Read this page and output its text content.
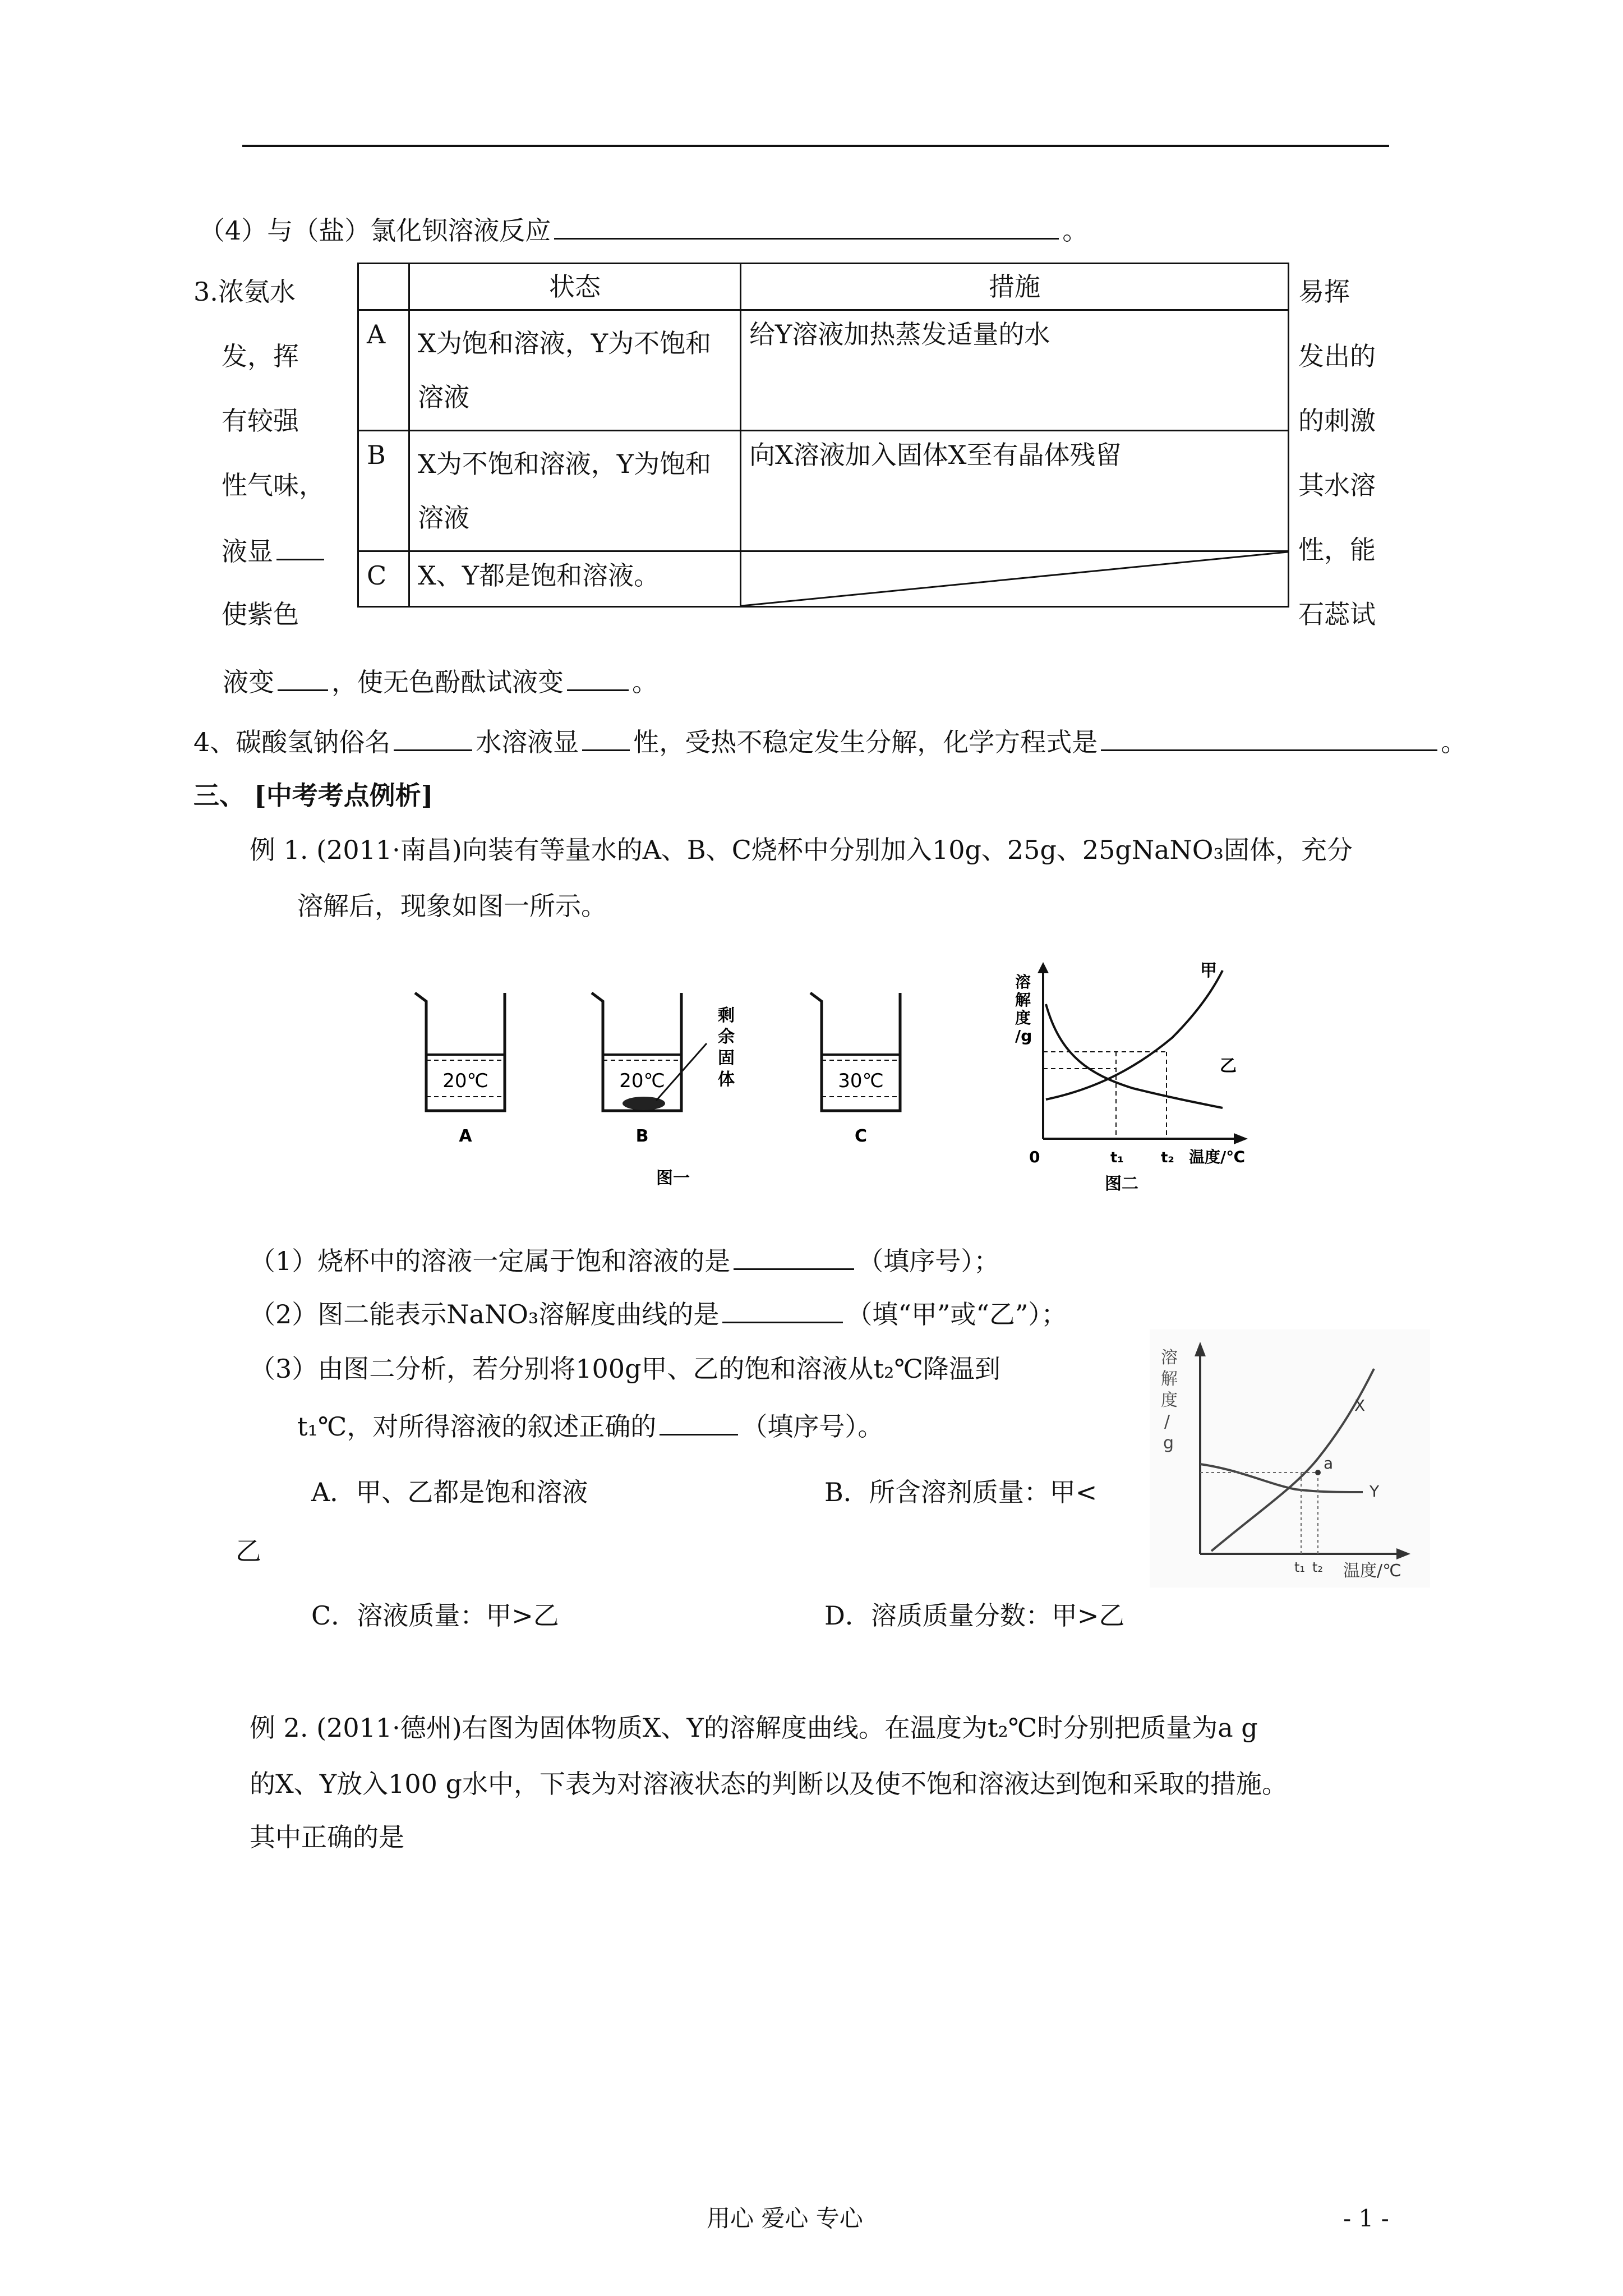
（4）与（盐）氯化钡溶液反应	。
3.浓氨水
发，挥
有较强
性气味，
液显
使紫色
易挥
发出的
的刺激
其水溶
性，能
石蕊试
	状态	措施
A	X为饱和溶液，Y为不饱和溶液	给Y溶液加热蒸发适量的水
B	X为不饱和溶液，Y为饱和溶液	向X溶液加入固体X至有晶体残留
C	X、Y都是饱和溶液。	
液变 ，使无色酚酞试液变	。
4、碳酸氢钠俗名	水溶液显 性，受热不稳定发生分解，化学方程式是	。
三、 [中考考点例析]
例 1. (2011·南昌)向装有等量水的A、B、C烧杯中分别加入10g、25g、25gNaNO₃固体，充分
溶解后，现象如图一所示。
20℃
A
20℃
剩
余
固
体
B
30℃
C
图一
溶
解
度
/g
甲
乙
0	t₁	t₂ 温度/℃
图二
（1）烧杯中的溶液一定属于饱和溶液的是	（填序号）；
（2）图二能表示NaNO₃溶解度曲线的是	（填“甲”或“乙”）；
（3）由图二分析，若分别将100g甲、乙的饱和溶液从t₂℃降温到
t₁℃，对所得溶液的叙述正确的	（填序号）。
A．甲、乙都是饱和溶液	B．所含溶剂质量：甲<
乙
C．溶液质量：甲>乙	D．溶质质量分数：甲>乙
溶
解
度
/
g
a
X
Y
t₁ t₂ 温度/℃
例 2. (2011·德州)右图为固体物质X、Y的溶解度曲线。在温度为t₂℃时分别把质量为a g
的X、Y放入100 g水中，下表为对溶液状态的判断以及使不饱和溶液达到饱和采取的措施。
其中正确的是
用心 爱心 专心	- 1 -
